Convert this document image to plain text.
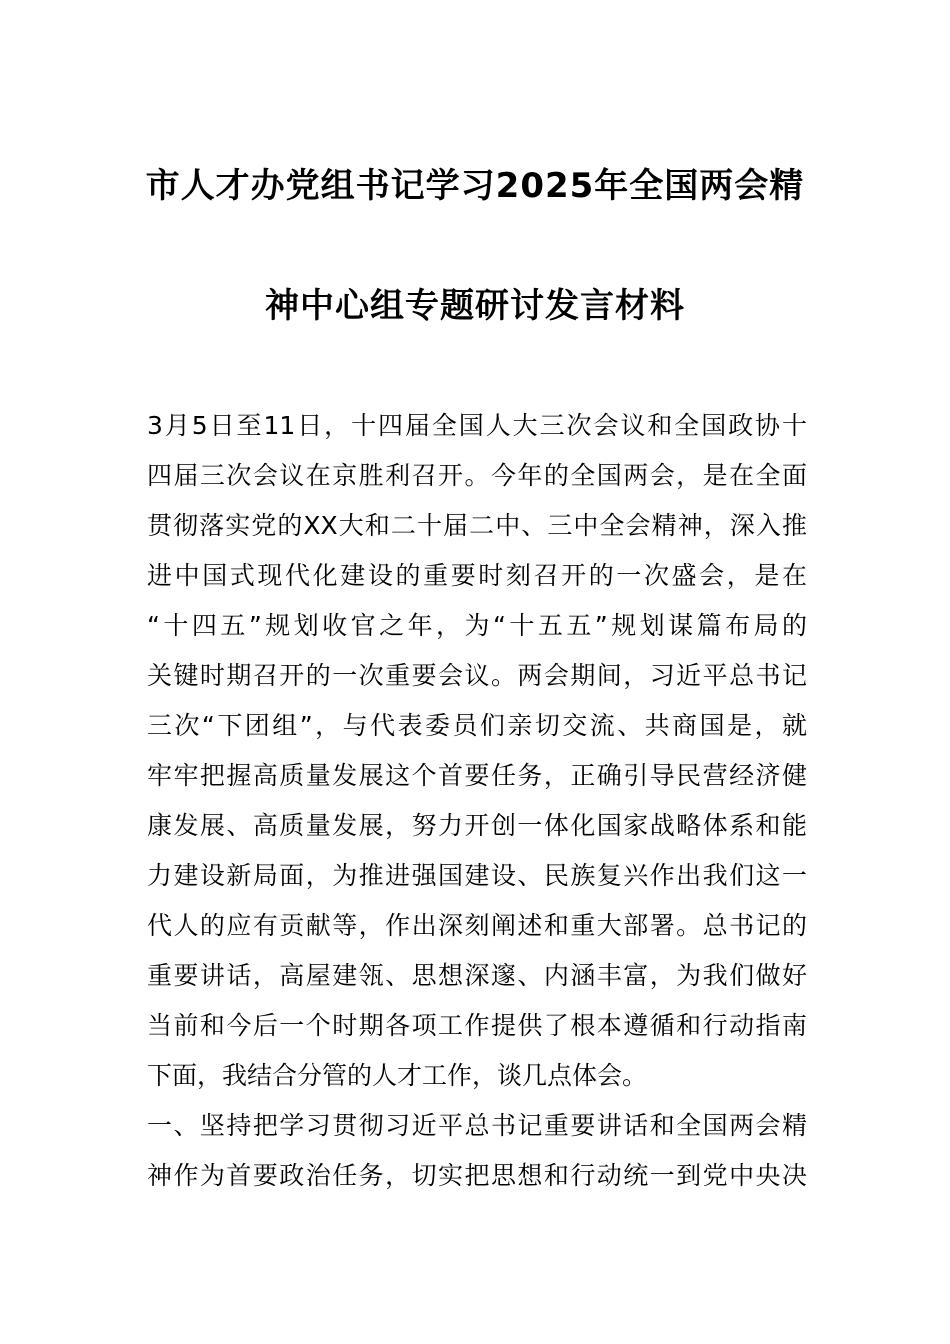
市人才办党组书记学习2025年全国两会精
神中心组专题研讨发言材料
3月5日至11日，十四届全国人大三次会议和全国政协十
四届三次会议在京胜利召开。今年的全国两会，是在全面
贯彻落实党的XX大和二十届二中、三中全会精神，深入推
进中国式现代化建设的重要时刻召开的一次盛会，是在
“十四五”规划收官之年，为“十五五”规划谋篇布局的
关键时期召开的一次重要会议。两会期间，习近平总书记
三次“下团组”，与代表委员们亲切交流、共商国是，就
牢牢把握高质量发展这个首要任务，正确引导民营经济健
康发展、高质量发展，努力开创一体化国家战略体系和能
力建设新局面，为推进强国建设、民族复兴作出我们这一
代人的应有贡献等，作出深刻阐述和重大部署。总书记的
重要讲话，高屋建瓴、思想深邃、内涵丰富，为我们做好
当前和今后一个时期各项工作提供了根本遵循和行动指南
下面，我结合分管的人才工作，谈几点体会。
一、坚持把学习贯彻习近平总书记重要讲话和全国两会精
神作为首要政治任务，切实把思想和行动统一到党中央决
